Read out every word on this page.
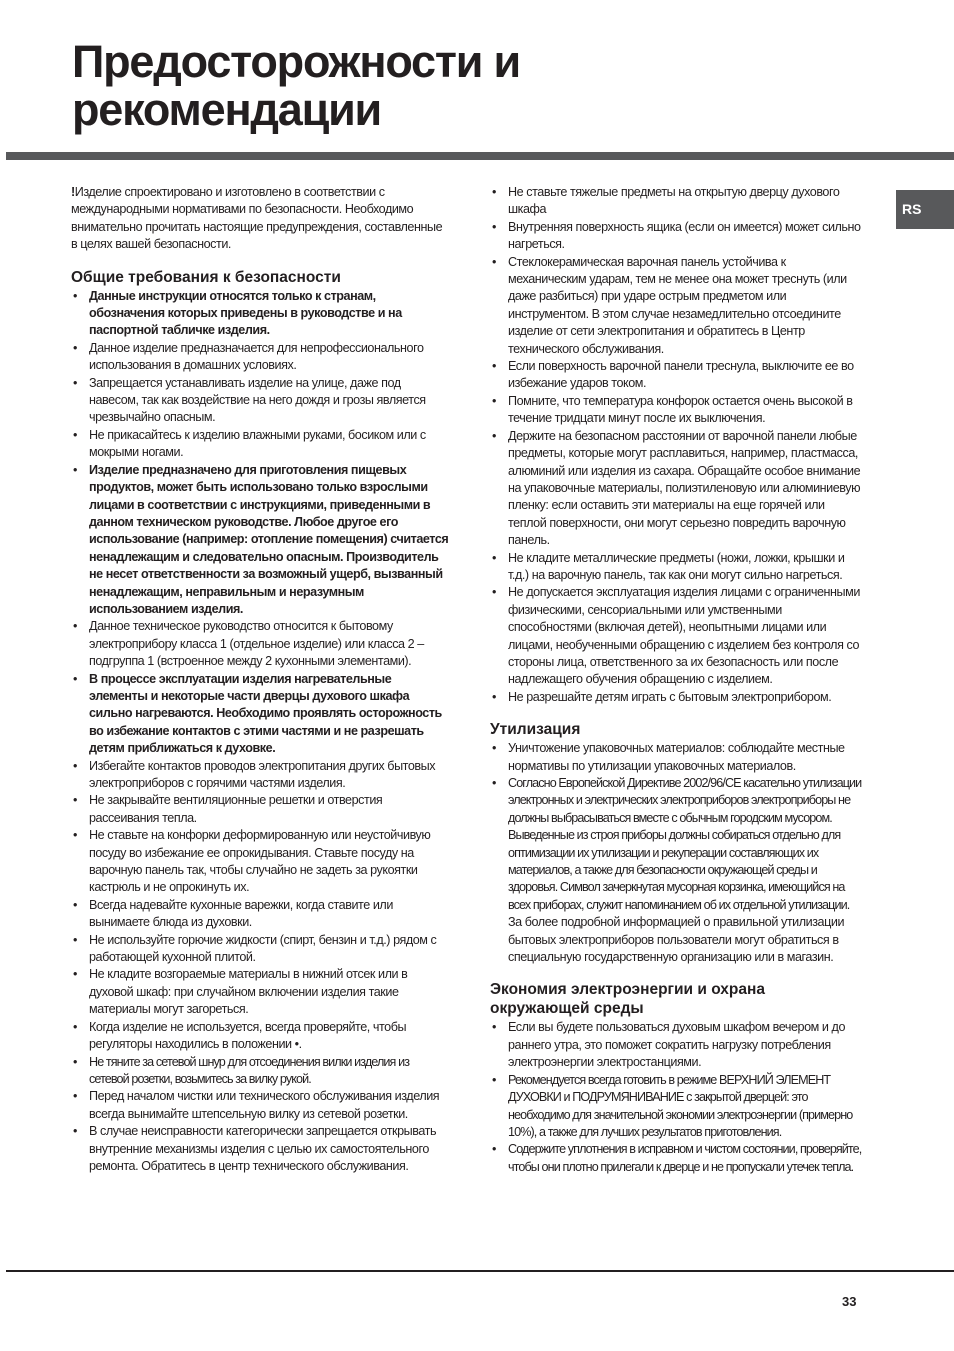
Предосторожности и рекомендации
RS

!Изделие спроектировано и изготовлено в соответствии с международными нормативами по безопасности. Необходимо внимательно прочитать настоящие предупреждения, составленные в целях вашей безопасности.

Общие требования к безопасности

• Данные инструкции относятся только к странам, обозначения которых приведены в руководстве и на паспортной табличке изделия.
• Данное изделие предназначается для непрофессионального использования в домашних условиях.
• Запрещается устанавливать изделие на улице, даже под навесом, так как воздействие на него дождя и грозы является чрезвычайно опасным.
• Не прикасайтесь к изделию влажными руками, босиком или с мокрыми ногами.
• Изделие предназначено для приготовления пищевых продуктов, может быть использовано только взрослыми лицами в соответствии с инструкциями, приведенными в данном техническом руководстве. Любое другое его использование (например: отопление помещения) считается ненадлежащим и следовательно опасным. Производитель не несет ответственности за возможный ущерб, вызванный ненадлежащим, неправильным и неразумным использованием изделия.
• Данное техническое руководство относится к бытовому электроприбору класса 1 (отдельное изделие) или класса 2 – подгруппа 1 (встроенное между 2 кухонными элементами).
• В процессе эксплуатации изделия нагревательные элементы и некоторые части дверцы духового шкафа сильно нагреваются. Необходимо проявлять осторожность во избежание контактов с этими частями и не разрешать детям приближаться к духовке.
• Избегайте контактов проводов электропитания других бытовых электроприборов с горячими частями изделия.
• Не закрывайте вентиляционные решетки и отверстия рассеивания тепла.
• Не ставьте на конфорки деформированную или неустойчивую посуду во избежание ее опрокидывания. Ставьте посуду на варочную панель так, чтобы случайно не задеть за рукоятки кастрюль и не опрокинуть их.
• Всегда надевайте кухонные варежки, когда ставите или вынимаете блюда из духовки.
• Не используйте горючие жидкости (спирт, бензин и т.д.) рядом с работающей кухонной плитой.
• Не кладите возгораемые материалы в нижний отсек или в духовой шкаф: при случайном включении изделия такие материалы могут загореться.
• Когда изделие не используется, всегда проверяйте, чтобы регуляторы находились в положении •.
• Не тяните за сетевой шнур для отсоединения вилки изделия из сетевой розетки, возьмитесь за вилку рукой.
• Перед началом чистки или технического обслуживания изделия всегда вынимайте штепсельную вилку из сетевой розетки.
• В случае неисправности категорически запрещается открывать внутренние механизмы изделия с целью их самостоятельного ремонта. Обратитесь в центр технического обслуживания.
• Не ставьте тяжелые предметы на открытую дверцу духового шкафа
• Внутренняя поверхность ящика (если он имеется) может сильно нагреться.
• Стеклокерамическая варочная панель устойчива к механическим ударам, тем не менее она может треснуть (или даже разбиться) при ударе острым предметом или инструментом. В этом случае незамедлительно отсоедините изделие от сети электропитания и обратитесь в Центр технического обслуживания.
• Если поверхность варочной панели треснула, выключите ее во избежание ударов током.
• Помните, что температура конфорок остается очень высокой в течение тридцати минут после их выключения.
• Держите на безопасном расстоянии от варочной панели любые предметы, которые могут расплавиться, например, пластмасса, алюминий или изделия из сахара. Обращайте особое внимание на упаковочные материалы, полиэтиленовую или алюминиевую пленку: если оставить эти материалы на еще горячей или теплой поверхности, они могут серьезно повредить варочную панель.
• Не кладите металлические предметы (ножи, ложки, крышки и т.д.) на варочную панель, так как они могут сильно нагреться.
• Не допускается эксплуатация изделия лицами с ограниченными физическими, сенсориальными или умственными способностями (включая детей), неопытными лицами или лицами, необученными обращению с изделием без контроля со стороны лица, ответственного за их безопасность или после надлежащего обучения обращению с изделием.
• Не разрешайте детям играть с бытовым электроприбором.

Утилизация

• Уничтожение упаковочных материалов: соблюдайте местные нормативы по утилизации упаковочных материалов.
• Согласно Европейской Директиве 2002/96/CE касательно утилизации электронных и электрических электроприборов электроприборы не должны выбрасываться вместе с обычным городским мусором. Выведенные из строя приборы должны собираться отдельно для оптимизации их утилизации и рекуперации составляющих их материалов, а также для безопасности окружающей среды и здоровья. Символ зачеркнутая мусорная корзинка, имеющийся на всех приборах, служит напоминанием об их отдельной утилизации.

За более подробной информацией о правильной утилизации бытовых электроприборов пользователи могут обратиться в специальную государственную организацию или в магазин.

Экономия электроэнергии и охрана окружающей среды

• Если вы будете пользоваться духовым шкафом вечером и до раннего утра, это поможет сократить нагрузку потребления электроэнергии электростанциями.
• Рекомендуется всегда готовить в режиме ВЕРХНИЙ ЭЛЕМЕНТ ДУХОВКИ и ПОДРУМЯНИВАНИЕ с закрытой дверцей: это необходимо для значительной экономии электроэнергии (примерно 10%), а также для лучших результатов приготовления.
• Содержите уплотнения в исправном и чистом состоянии, проверяйте, чтобы они плотно прилегали к дверце и не пропускали утечек тепла.
33
